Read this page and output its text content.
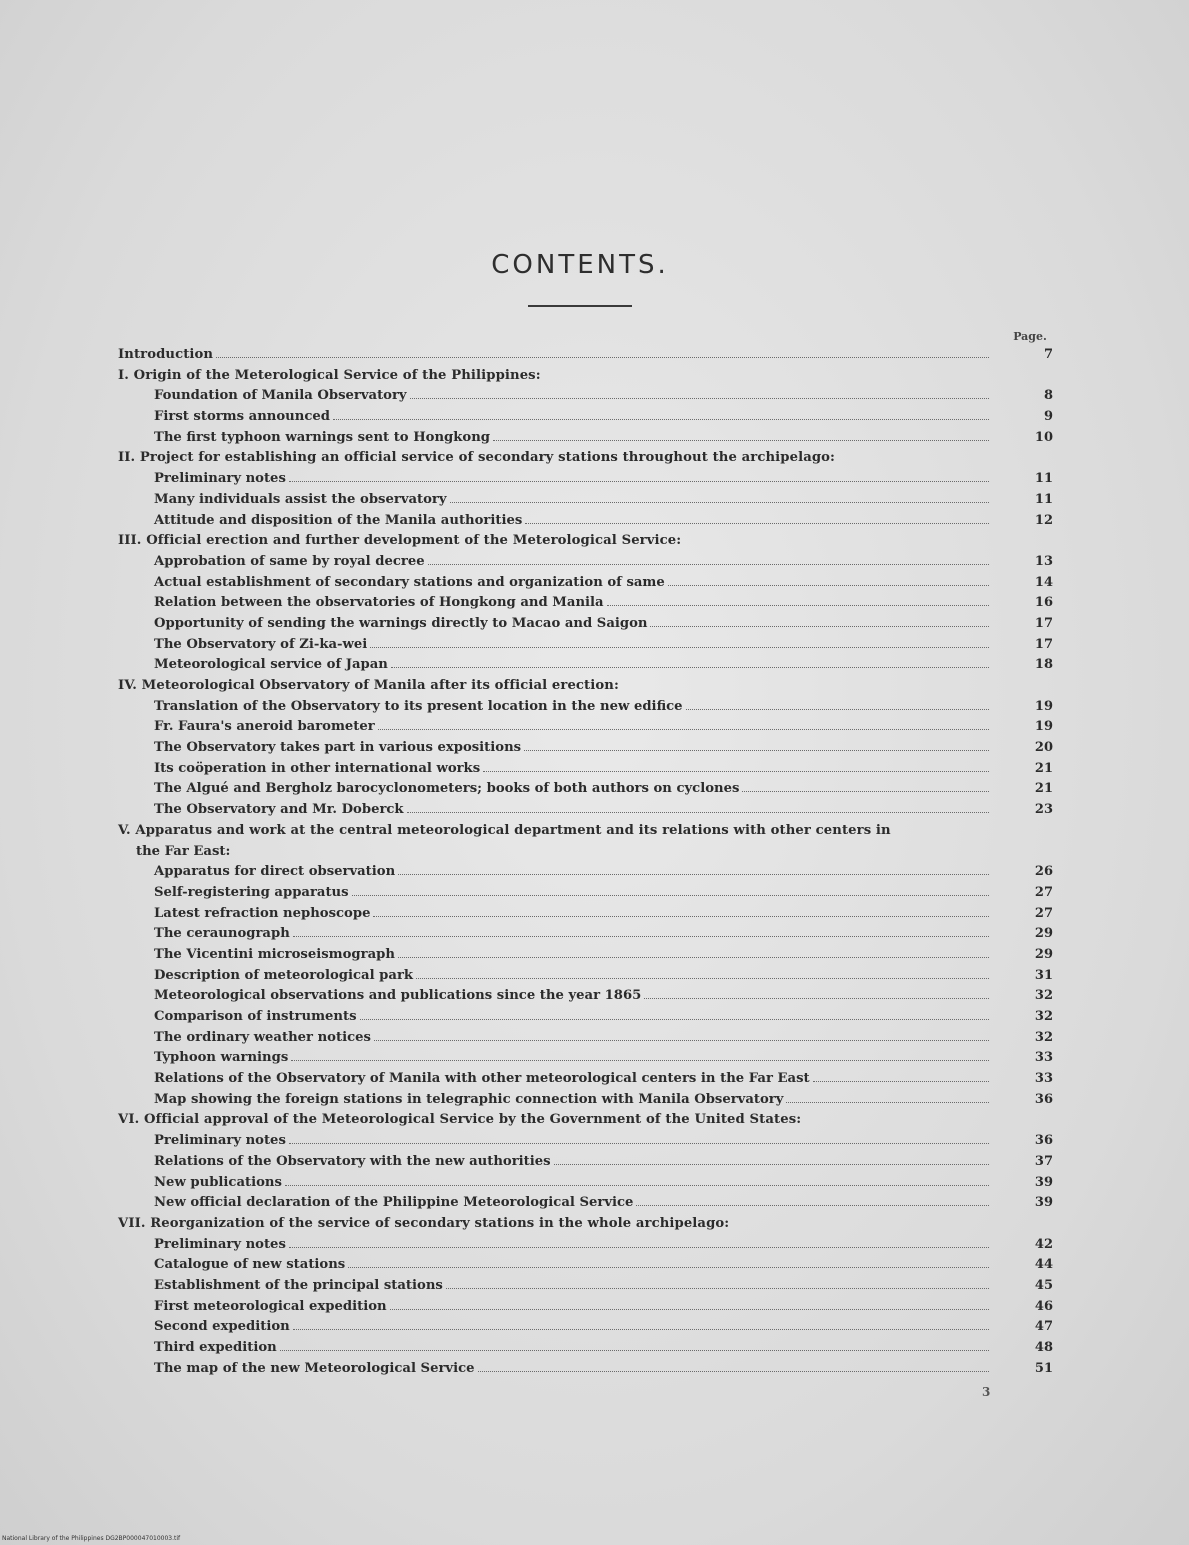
CONTENTS.
Page.
Introduction	7
I. Origin of the Meterological Service of the Philippines:
Foundation of Manila Observatory	8
First storms announced	9
The first typhoon warnings sent to Hongkong	10
II. Project for establishing an official service of secondary stations throughout the archipelago:
Preliminary notes	11
Many individuals assist the observatory	11
Attitude and disposition of the Manila authorities	12
III. Official erection and further development of the Meterological Service:
Approbation of same by royal decree	13
Actual establishment of secondary stations and organization of same	14
Relation between the observatories of Hongkong and Manila	16
Opportunity of sending the warnings directly to Macao and Saigon	17
The Observatory of Zi-ka-wei	17
Meteorological service of Japan	18
IV. Meteorological Observatory of Manila after its official erection:
Translation of the Observatory to its present location in the new edifice	19
Fr. Faura's aneroid barometer	19
The Observatory takes part in various expositions	20
Its coöperation in other international works	21
The Algué and Bergholz barocyclonometers; books of both authors on cyclones	21
The Observatory and Mr. Doberck	23
V. Apparatus and work at the central meteorological department and its relations with other centers in
the Far East:
Apparatus for direct observation	26
Self-registering apparatus	27
Latest refraction nephoscope	27
The ceraunograph	29
The Vicentini microseismograph	29
Description of meteorological park	31
Meteorological observations and publications since the year 1865	32
Comparison of instruments	32
The ordinary weather notices	32
Typhoon warnings	33
Relations of the Observatory of Manila with other meteorological centers in the Far East	33
Map showing the foreign stations in telegraphic connection with Manila Observatory	36
VI. Official approval of the Meteorological Service by the Government of the United States:
Preliminary notes	36
Relations of the Observatory with the new authorities	37
New publications	39
New official declaration of the Philippine Meteorological Service	39
VII. Reorganization of the service of secondary stations in the whole archipelago:
Preliminary notes	42
Catalogue of new stations	44
Establishment of the principal stations	45
First meteorological expedition	46
Second expedition	47
Third expedition	48
The map of the new Meteorological Service	51
3
National Library of the Philippines DG2BP000047010003.tif
